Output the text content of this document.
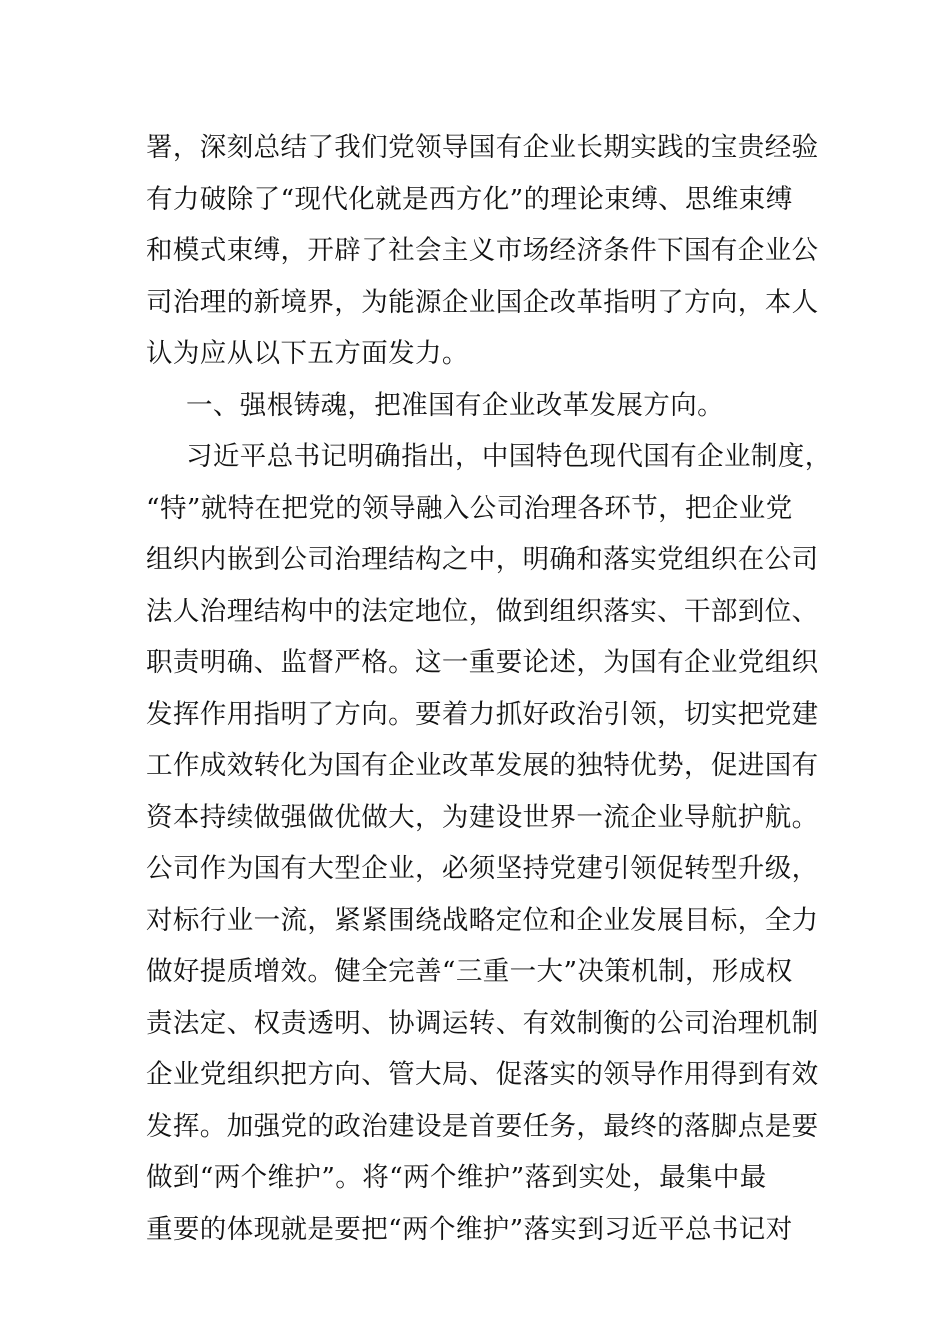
署，深刻总结了我们党领导国有企业长期实践的宝贵经验
有力破除了“现代化就是西方化”的理论束缚、思维束缚
和模式束缚，开辟了社会主义市场经济条件下国有企业公
司治理的新境界，为能源企业国企改革指明了方向，本人
认为应从以下五方面发力。
一、强根铸魂，把准国有企业改革发展方向。
习近平总书记明确指出，中国特色现代国有企业制度，
“特”就特在把党的领导融入公司治理各环节，把企业党
组织内嵌到公司治理结构之中，明确和落实党组织在公司
法人治理结构中的法定地位，做到组织落实、干部到位、
职责明确、监督严格。这一重要论述，为国有企业党组织
发挥作用指明了方向。要着力抓好政治引领，切实把党建
工作成效转化为国有企业改革发展的独特优势，促进国有
资本持续做强做优做大，为建设世界一流企业导航护航。
公司作为国有大型企业，必须坚持党建引领促转型升级，
对标行业一流，紧紧围绕战略定位和企业发展目标，全力
做好提质增效。健全完善“三重一大”决策机制，形成权
责法定、权责透明、协调运转、有效制衡的公司治理机制
企业党组织把方向、管大局、促落实的领导作用得到有效
发挥。加强党的政治建设是首要任务，最终的落脚点是要
做到“两个维护”。将“两个维护”落到实处，最集中最
重要的体现就是要把“两个维护”落实到习近平总书记对
